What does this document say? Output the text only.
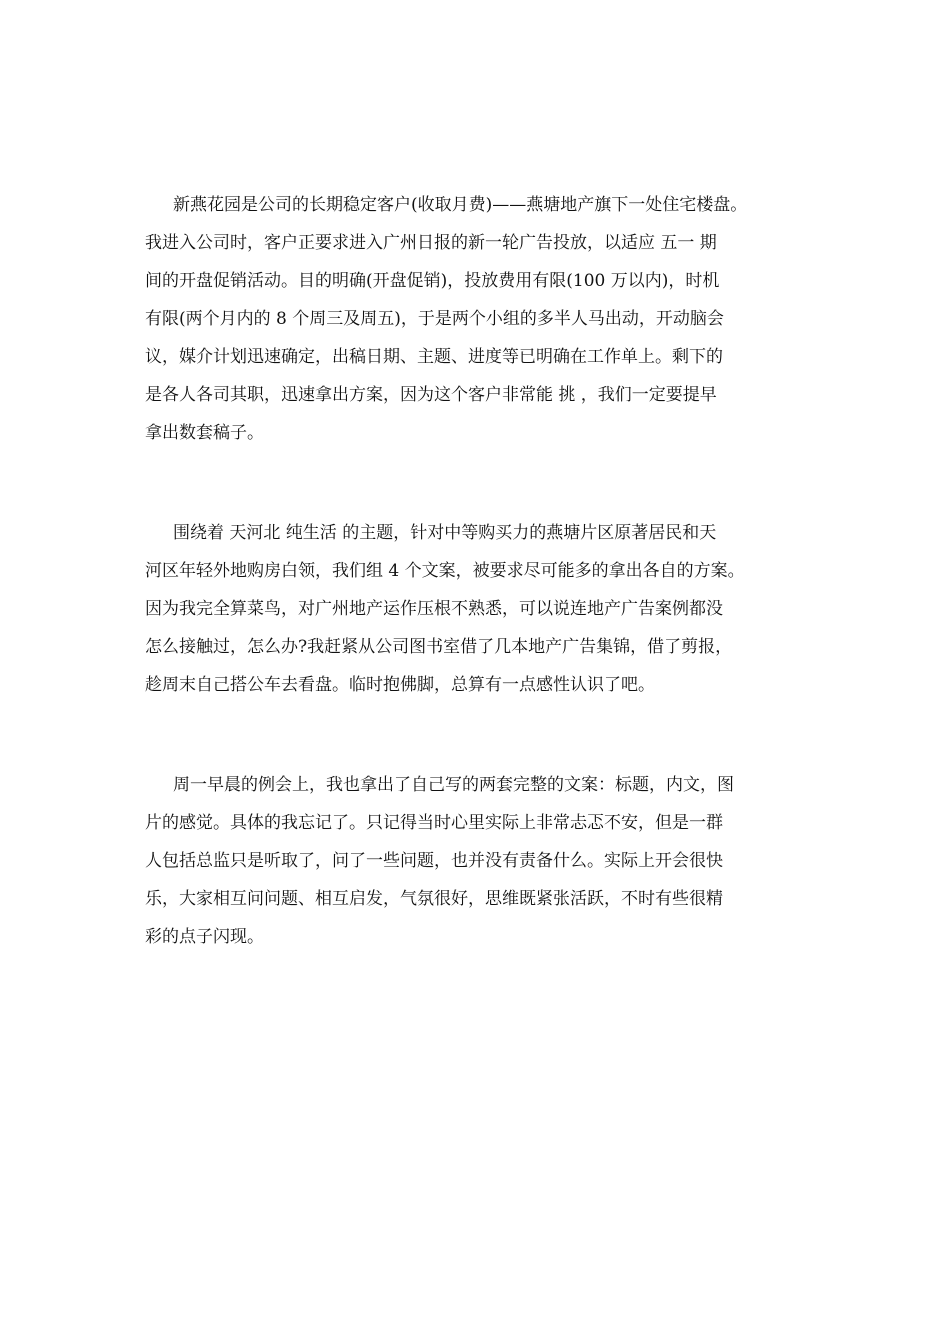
新燕花园是公司的长期稳定客户(收取月费)——燕塘地产旗下一处住宅楼盘。
我进入公司时，客户正要求进入广州日报的新一轮广告投放，以适应 五一 期
间的开盘促销活动。目的明确(开盘促销)，投放费用有限(100 万以内)，时机
有限(两个月内的 8 个周三及周五)，于是两个小组的多半人马出动，开动脑会
议，媒介计划迅速确定，出稿日期、主题、进度等已明确在工作单上。剩下的
是各人各司其职，迅速拿出方案，因为这个客户非常能 挑 ，我们一定要提早
拿出数套稿子。
围绕着 天河北 纯生活 的主题，针对中等购买力的燕塘片区原著居民和天
河区年轻外地购房白领，我们组 4 个文案，被要求尽可能多的拿出各自的方案。
因为我完全算菜鸟，对广州地产运作压根不熟悉，可以说连地产广告案例都没
怎么接触过，怎么办?我赶紧从公司图书室借了几本地产广告集锦，借了剪报，
趁周末自己搭公车去看盘。临时抱佛脚，总算有一点感性认识了吧。
周一早晨的例会上，我也拿出了自己写的两套完整的文案：标题，内文，图
片的感觉。具体的我忘记了。只记得当时心里实际上非常忐忑不安，但是一群
人包括总监只是听取了，问了一些问题，也并没有责备什么。实际上开会很快
乐，大家相互问问题、相互启发，气氛很好，思维既紧张活跃，不时有些很精
彩的点子闪现。
